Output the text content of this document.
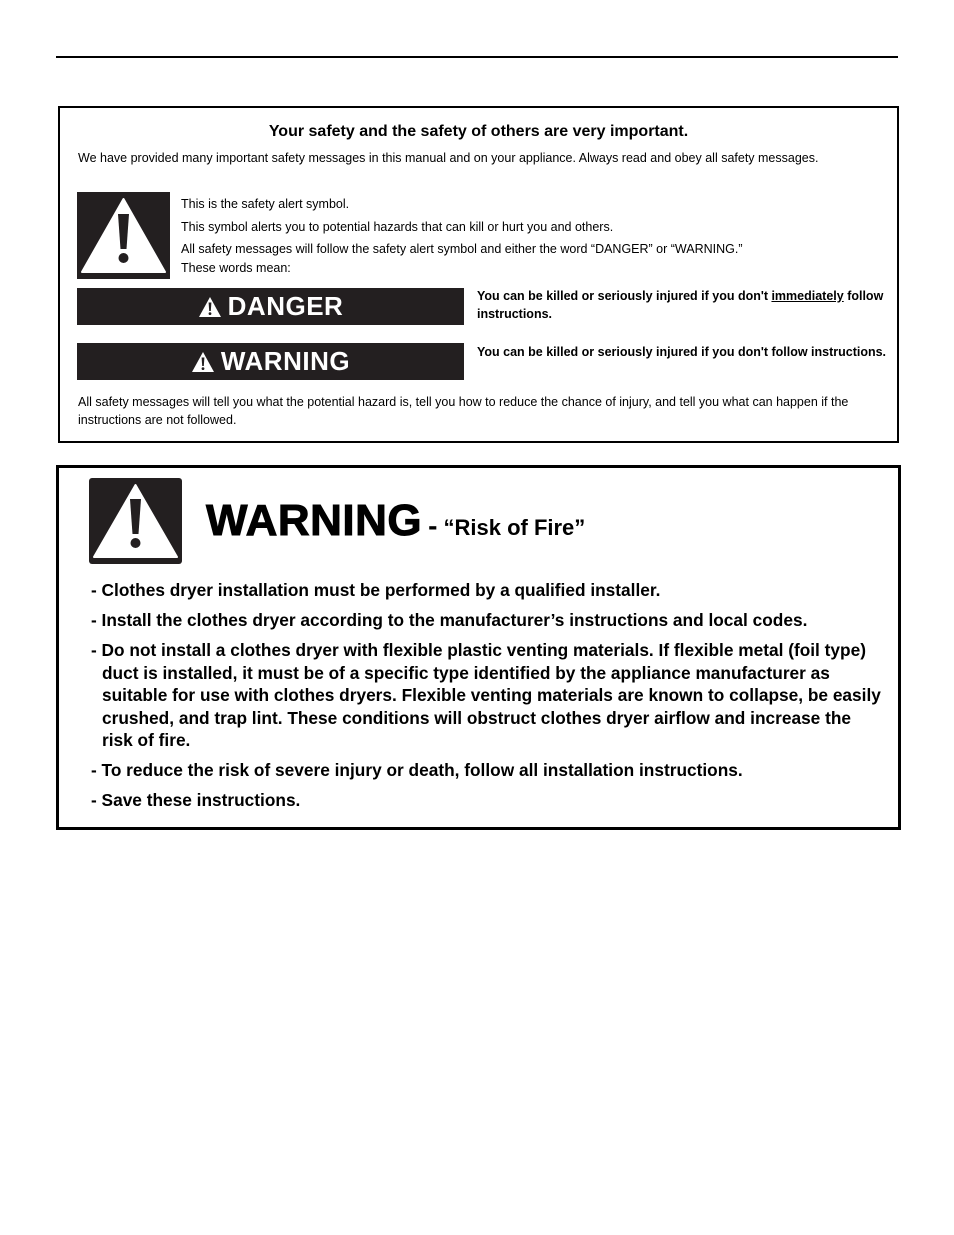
Your safety and the safety of others are very important.
We have provided many important safety messages in this manual and on your appliance. Always read and obey all safety messages.
This is the safety alert symbol.
This symbol alerts you to potential hazards that can kill or hurt you and others.
All safety messages will follow the safety alert symbol and either the word “DANGER” or “WARNING.”
These words mean:
DANGER	You can be killed or seriously injured if you don't immediately follow instructions.
WARNING	You can be killed or seriously injured if you don't follow instructions.
All safety messages will tell you what the potential hazard is, tell you how to reduce the chance of injury, and tell you what can happen if the instructions are not followed.
WARNING - “Risk of Fire”
- Clothes dryer installation must be performed by a qualified installer.
- Install the clothes dryer according to the manufacturer’s instructions and local codes.
- Do not install a clothes dryer with flexible plastic venting materials. If flexible metal (foil type) duct is installed, it must be of a specific type identified by the appliance manufacturer as suitable for use with clothes dryers. Flexible venting materials are known to collapse, be easily crushed, and trap lint. These conditions will obstruct clothes dryer airflow and increase the risk of fire.
- To reduce the risk of severe injury or death, follow all installation instructions.
- Save these instructions.
